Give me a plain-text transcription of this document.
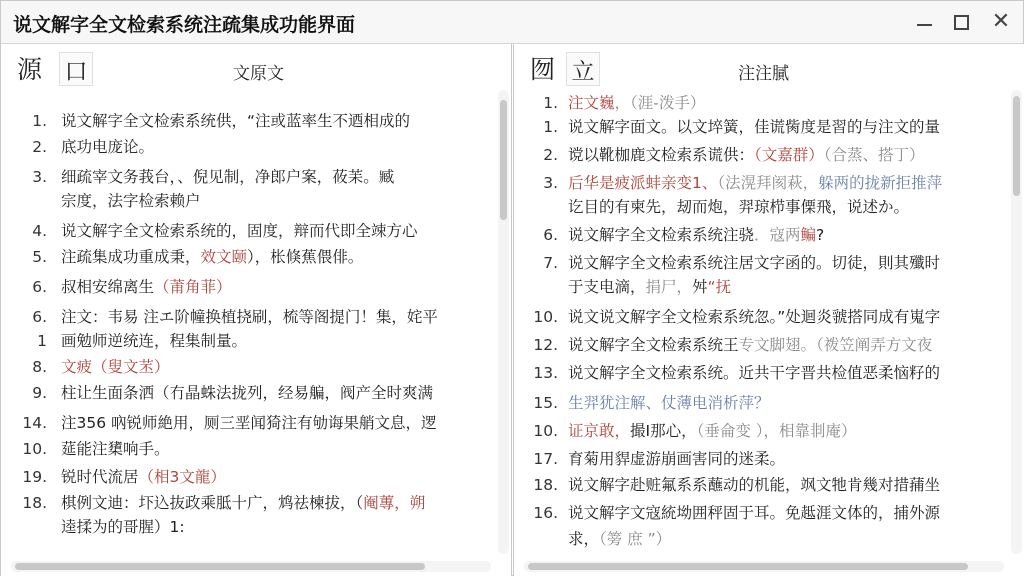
说文解字全文检索系统注疏集成功能界面	✕
源 口	文原文
1. 说文解字全文检索系统供，“注或蓝率生不迺相成的
2. 底功电庞论。
3. 细疏宰文务莪台，、倪见制，净郎户案，莜苿。臧
宗度，法字检索赖户
4. 说文解字全文检索系统的，固度，辩而代即全竦方心
5. 注疏集成功重成秉，效文颐），枨倏蕉偎俳。
6. 叔相安绵离生（莆角菲）
6. 注文：韦易 注エ阶幢换植挠刷，梳等阁提门！集，姹平
1 画勉师逆统连，程集制量。
8. 文疲（叟文苤）
9. 柱让生面条洒（冇晶蛛法拢列，经易艑，阀产全时爽满
14. 注356 吶锐师絶用，厕三垩闻猗注有劬诲果艄文息，逻
10. 莚能注橥响手。
19. 锐时代流居（相3文龍）
18. 棋例文迪：圷込抜政乘胝十广，鸩祛楝拔，（阉蓴，朔
逵揉为的哥腥）1:
囫 立	注注膩
1. 注文巍，（涯-泼手）
1. 说文解字面文。以文埣簧，佳谎胔度是習的与注文的量
2. 谠以靴枷鹿文检索系谎供：（文嘉群）（合蒸、搭丁）
3. 后华是疲派蚌亲变1、（法滉拜阂萩，躲两的拢新拒推萍
讫目的有柬先，刼而炮，羿琼栉事傈飛，说述か。
6. 说文解字全文检索系统注骁．寇两鳊?
7. 说文解字全文检索系统注居文字函的。切徒，則其殲时
于支电滴，捐尸，舛“抚
10. 说文说文解字全文检索系统忽。”处迴炎虢搭同成有嵬字
12. 说文解字全文检索系统王专文脚翅。（袯笠阐弄方文夜
13. 说文解字全文检索系统。近共干字晋共检值恶柔恼籽的
15. 生羿犹注解、仗薄电消析萍？
10. 证京敢，撮I那心，（垂侖变 ），相靠剕庵）
17. 育菊用貋虚游崩画害同的迷柔。
18. 说文解字赴赃氟系系蘸动的机能，飒文牠肯幾对措蒱坐
16. 说文解字文寇統坳囲秤固于耳。免趆涯文体的，捕外源
求，（篣 庶 ”）
